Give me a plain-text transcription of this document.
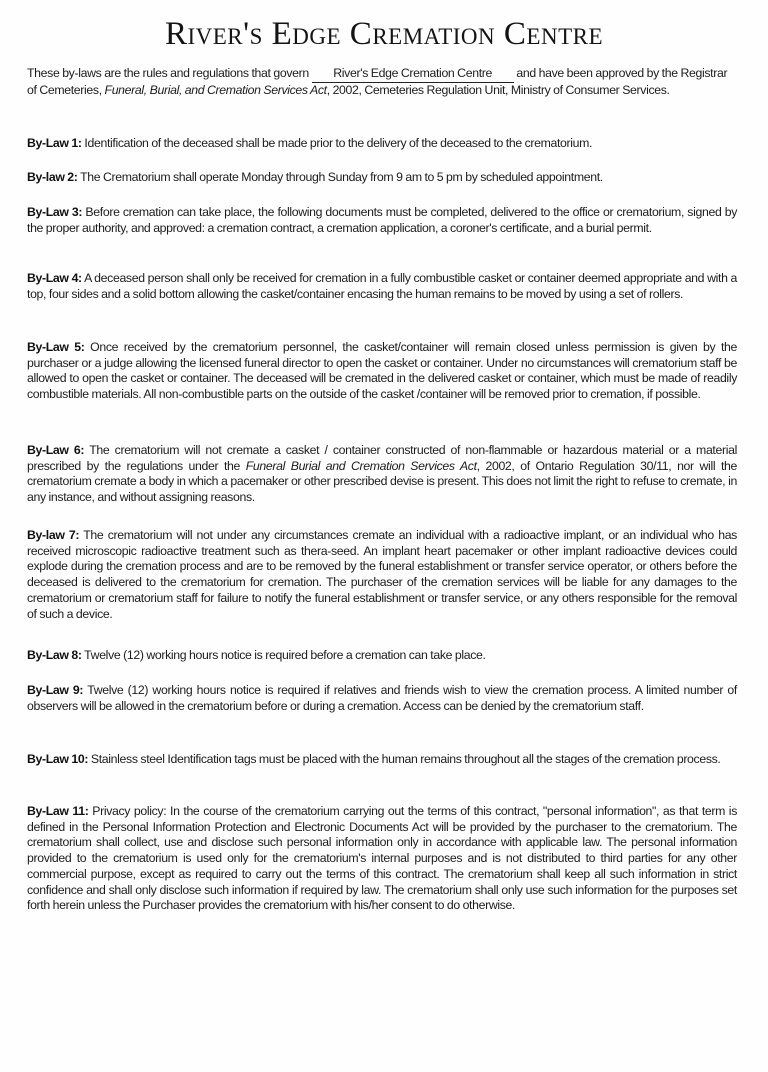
River's Edge Cremation Centre
These by-laws are the rules and regulations that govern River's Edge Cremation Centre and have been approved by the Registrar of Cemeteries, Funeral, Burial, and Cremation Services Act, 2002, Cemeteries Regulation Unit, Ministry of Consumer Services.
By-Law 1: Identification of the deceased shall be made prior to the delivery of the deceased to the crematorium.
By-law 2: The Crematorium shall operate Monday through Sunday from 9 am to 5 pm by scheduled appointment.
By-Law 3: Before cremation can take place, the following documents must be completed, delivered to the office or crematorium, signed by the proper authority, and approved: a cremation contract, a cremation application, a coroner's certificate, and a burial permit.
By-Law 4: A deceased person shall only be received for cremation in a fully combustible casket or container deemed appropriate and with a top, four sides and a solid bottom allowing the casket/container encasing the human remains to be moved by using a set of rollers.
By-Law 5: Once received by the crematorium personnel, the casket/container will remain closed unless permission is given by the purchaser or a judge allowing the licensed funeral director to open the casket or container. Under no circumstances will crematorium staff be allowed to open the casket or container. The deceased will be cremated in the delivered casket or container, which must be made of readily combustible materials. All non-combustible parts on the outside of the casket /container will be removed prior to cremation, if possible.
By-Law 6: The crematorium will not cremate a casket / container constructed of non-flammable or hazardous material or a material prescribed by the regulations under the Funeral Burial and Cremation Services Act, 2002, of Ontario Regulation 30/11, nor will the crematorium cremate a body in which a pacemaker or other prescribed devise is present. This does not limit the right to refuse to cremate, in any instance, and without assigning reasons.
By-law 7: The crematorium will not under any circumstances cremate an individual with a radioactive implant, or an individual who has received microscopic radioactive treatment such as thera-seed. An implant heart pacemaker or other implant radioactive devices could explode during the cremation process and are to be removed by the funeral establishment or transfer service operator, or others before the deceased is delivered to the crematorium for cremation. The purchaser of the cremation services will be liable for any damages to the crematorium or crematorium staff for failure to notify the funeral establishment or transfer service, or any others responsible for the removal of such a device.
By-Law 8: Twelve (12) working hours notice is required before a cremation can take place.
By-Law 9: Twelve (12) working hours notice is required if relatives and friends wish to view the cremation process. A limited number of observers will be allowed in the crematorium before or during a cremation. Access can be denied by the crematorium staff.
By-Law 10: Stainless steel Identification tags must be placed with the human remains throughout all the stages of the cremation process.
By-Law 11: Privacy policy: In the course of the crematorium carrying out the terms of this contract, "personal information", as that term is defined in the Personal Information Protection and Electronic Documents Act will be provided by the purchaser to the crematorium. The crematorium shall collect, use and disclose such personal information only in accordance with applicable law. The personal information provided to the crematorium is used only for the crematorium's internal purposes and is not distributed to third parties for any other commercial purpose, except as required to carry out the terms of this contract. The crematorium shall keep all such information in strict confidence and shall only disclose such information if required by law. The crematorium shall only use such information for the purposes set forth herein unless the Purchaser provides the crematorium with his/her consent to do otherwise.
